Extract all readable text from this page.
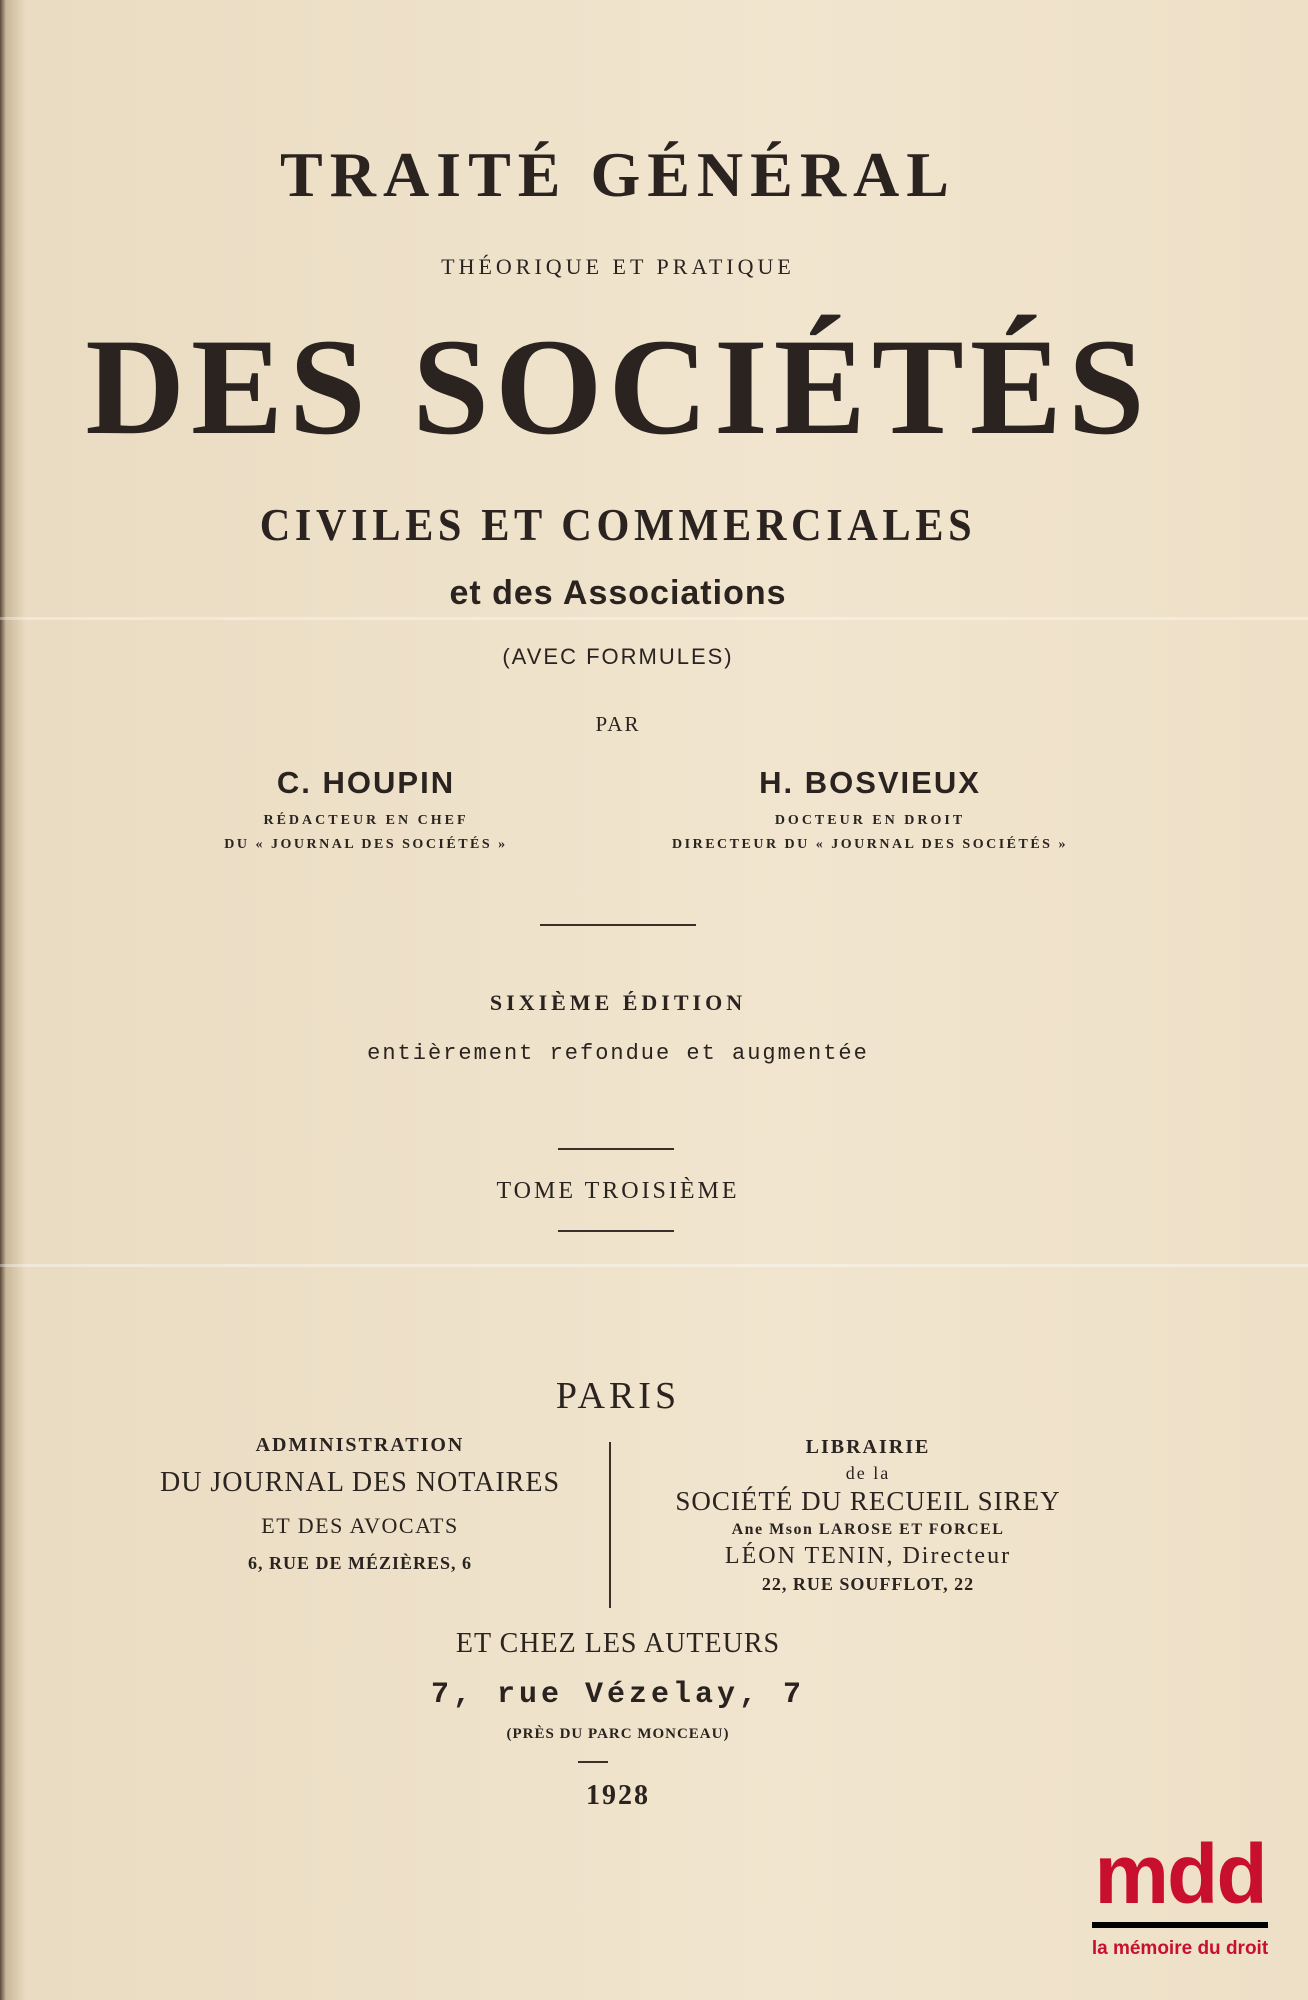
TRAITÉ GÉNÉRAL
THÉORIQUE ET PRATIQUE
DES SOCIÉTÉS
CIVILES ET COMMERCIALES
et des Associations
(AVEC FORMULES)
PAR
C. HOUPIN
RÉDACTEUR EN CHEF
DU « JOURNAL DES SOCIÉTÉS »
H. BOSVIEUX
DOCTEUR EN DROIT
DIRECTEUR DU « JOURNAL DES SOCIÉTÉS »
SIXIÈME ÉDITION
entièrement refondue et augmentée
TOME TROISIÈME
PARIS
ADMINISTRATION
DU JOURNAL DES NOTAIRES
ET DES AVOCATS
6, RUE DE MÉZIÈRES, 6
LIBRAIRIE
de la
SOCIÉTÉ DU RECUEIL SIREY
Ane Mson LAROSE ET FORCEL
LÉON TENIN, Directeur
22, RUE SOUFFLOT, 22
ET CHEZ LES AUTEURS
7, rue Vézelay, 7
(PRÈS DU PARC MONCEAU)
1928
mdd
la mémoire du droit
